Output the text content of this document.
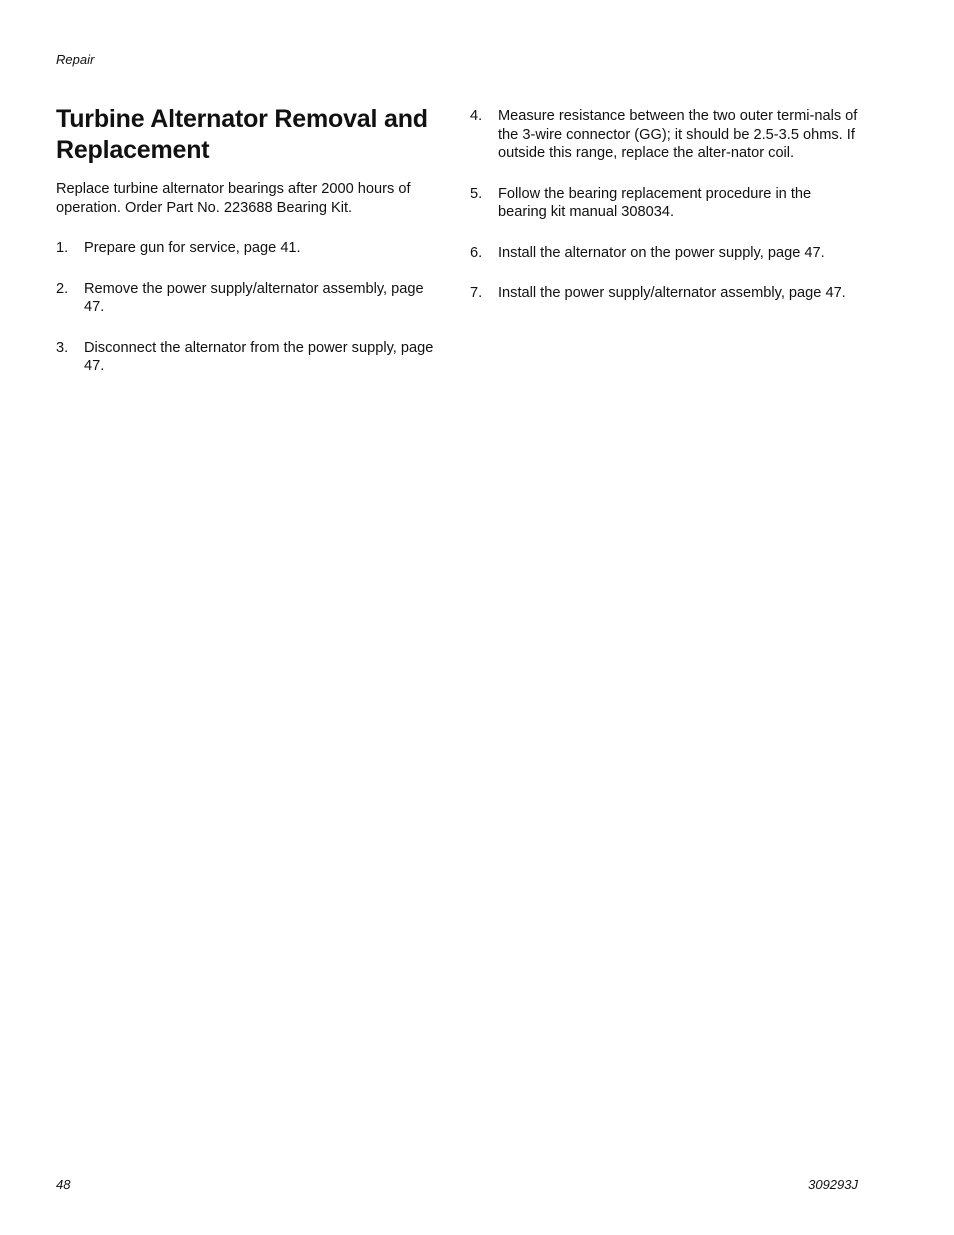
Repair
Turbine Alternator Removal and Replacement

Replace turbine alternator bearings after 2000 hours of operation. Order Part No. 223688 Bearing Kit.

1. Prepare gun for service, page 41.
2. Remove the power supply/alternator assembly, page 47.
3. Disconnect the alternator from the power supply, page 47.
4. Measure resistance between the two outer termi-nals of the 3-wire connector (GG); it should be 2.5-3.5 ohms. If outside this range, replace the alter-nator coil.
5. Follow the bearing replacement procedure in the bearing kit manual 308034.
6. Install the alternator on the power supply, page 47.
7. Install the power supply/alternator assembly, page 47.
48	309293J
